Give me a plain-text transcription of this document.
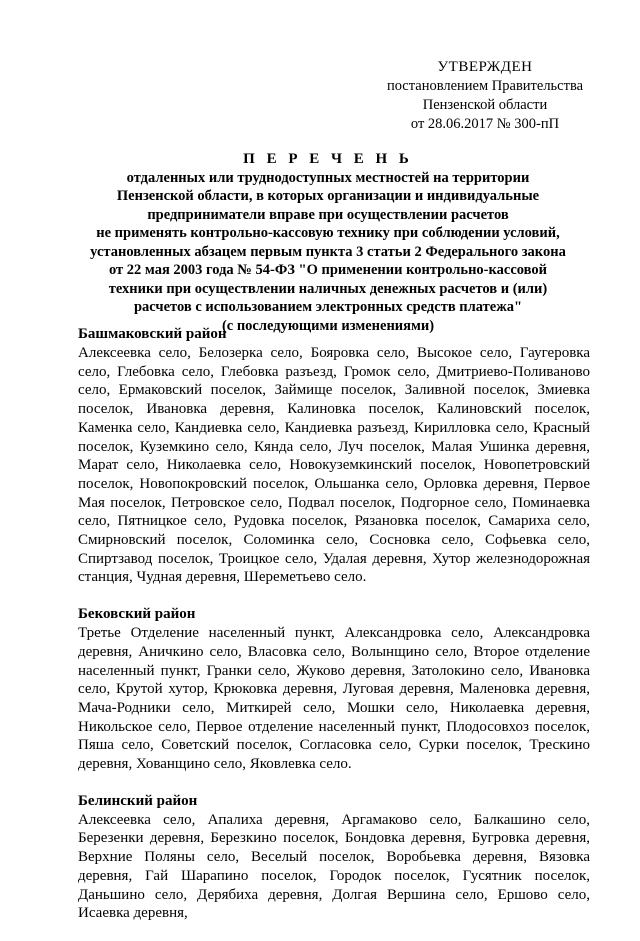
УТВЕРЖДЕН
постановлением Правительства
Пензенской области
от 28.06.2017 № 300-пП
П Е Р Е Ч Е Н Ь
отдаленных или труднодоступных местностей на территории
Пензенской области, в которых организации и индивидуальные
предприниматели вправе при осуществлении расчетов
не применять контрольно-кассовую технику при соблюдении условий,
установленных абзацем первым пункта 3 статьи 2 Федерального закона
от 22 мая 2003 года № 54-ФЗ "О применении контрольно-кассовой
техники при осуществлении наличных денежных расчетов и (или)
расчетов с использованием электронных средств платежа"
(с последующими изменениями)
Башмаковский район
Алексеевка село, Белозерка село, Бояровка село, Высокое село, Гаугеровка село, Глебовка село, Глебовка разъезд, Громок село, Дмитриево-Поливаново село, Ермаковский поселок, Займище поселок, Заливной поселок, Змиевка поселок, Ивановка деревня, Калиновка поселок, Калиновский поселок, Каменка село, Кандиевка село, Кандиевка разъезд, Кирилловка село, Красный поселок, Куземкино село, Кянда село, Луч поселок, Малая Ушинка деревня, Марат село, Николаевка село, Новокуземкинский поселок, Новопетровский поселок, Новопокровский поселок, Ольшанка село, Орловка деревня, Первое Мая поселок, Петровское село, Подвал поселок, Подгорное село, Поминаевка село, Пятницкое село, Рудовка поселок, Рязановка поселок, Самариха село, Смирновский поселок, Соломинка село, Сосновка село, Софьевка село, Спиртзавод поселок, Троицкое село, Удалая деревня, Хутор железнодорожная станция, Чудная деревня, Шереметьево село.
Бековский район
Третье Отделение населенный пункт, Александровка село, Александровка деревня, Аничкино село, Власовка село, Волынщино село, Второе отделение населенный пункт, Гранки село, Жуково деревня, Затолокино село, Ивановка село, Крутой хутор, Крюковка деревня, Луговая деревня, Маленовка деревня, Мача-Родники село, Миткирей село, Мошки село, Николаевка деревня, Никольское село, Первое отделение населенный пункт, Плодосовхоз поселок, Пяша село, Советский поселок, Согласовка село, Сурки поселок, Трескино деревня, Хованщино село, Яковлевка село.
Белинский район
Алексеевка село, Апалиха деревня, Аргамаково село, Балкашино село, Березенки деревня, Березкино поселок, Бондовка деревня, Бугровка деревня, Верхние Поляны село, Веселый поселок, Воробьевка деревня, Вязовка деревня, Гай Шарапино поселок, Городок поселок, Гусятник поселок, Даньшино село, Дерябиха деревня, Долгая Вершина село, Ершово село, Исаевка деревня,
